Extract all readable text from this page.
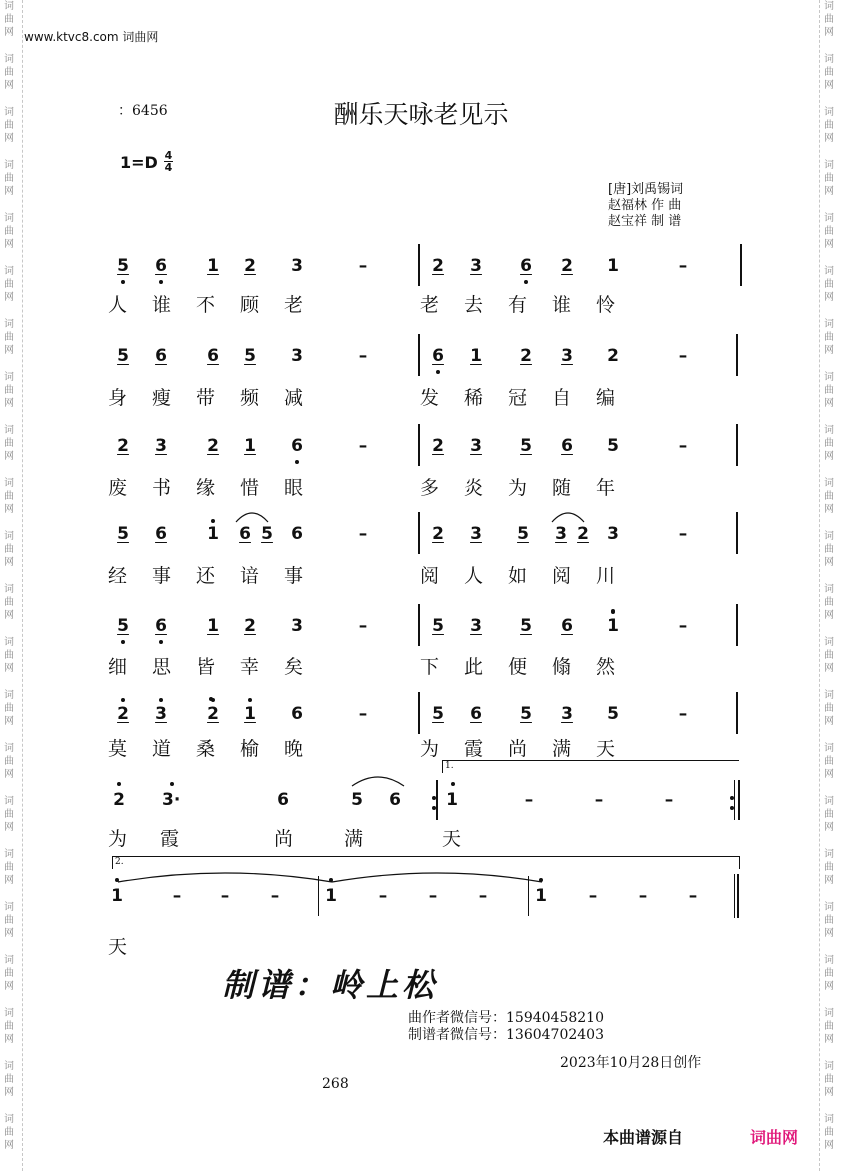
词
曲
网
词
曲
网
词
曲
网
词
曲
网
词
曲
网
词
曲
网
词
曲
网
词
曲
网
词
曲
网
词
曲
网
词
曲
网
词
曲
网
词
曲
网
词
曲
网
词
曲
网
词
曲
网
词
曲
网
词
曲
网
词
曲
网
词
曲
网
词
曲
网
词
曲
网
词
曲
网
词
曲
网
词
曲
网
词
曲
网
词
曲
网
词
曲
网
词
曲
网
词
曲
网
词
曲
网
词
曲
网
词
曲
网
词
曲
网
词
曲
网
词
曲
网
词
曲
网
词
曲
网
词
曲
网
词
曲
网
词
曲
网
词
曲
网
词
曲
网
词
曲
网
www.ktvc8.com 词曲网
：6456	酬乐天咏老见示
1=D 4
4
[唐]刘禹锡词
赵福林 作 曲
赵宝祥 制 谱
5 6 1 2 3	–	2 3 6 2 1	–
人 谁 不 顾 老	老 去 有 谁 怜
5 6 6 5 3	–	6 1 2 3 2	–
身 瘦 带 频 减	发 稀 冠 自 编
2 3 2 1 6	–	2 3 5 6 5	–
废 书 缘 惜 眼	多 炎 为 随 年
5 6 1 6 5 6	–	2 3 5 3 2 3	–
经 事 还 谙 事	阅 人 如 阅 川
5 6 1 2 3	–	5 3 5 6 1	–
细 思 皆 幸 矣	下 此 便 翛 然
2 3 2 1 6	–	5 6 5 3 5	–
莫 道 桑 榆 晚	为 霞 尚 满 天
2 3·	6	5 6	1	–	–	–
1.
为 霞	尚	满	天
1	– – –	1 – – –	1 – – –
2.
天
制谱：岭上松
曲作者微信号：15940458210
制谱者微信号：13604702403
2023年10月28日创作
268
本曲谱源自	词曲网
